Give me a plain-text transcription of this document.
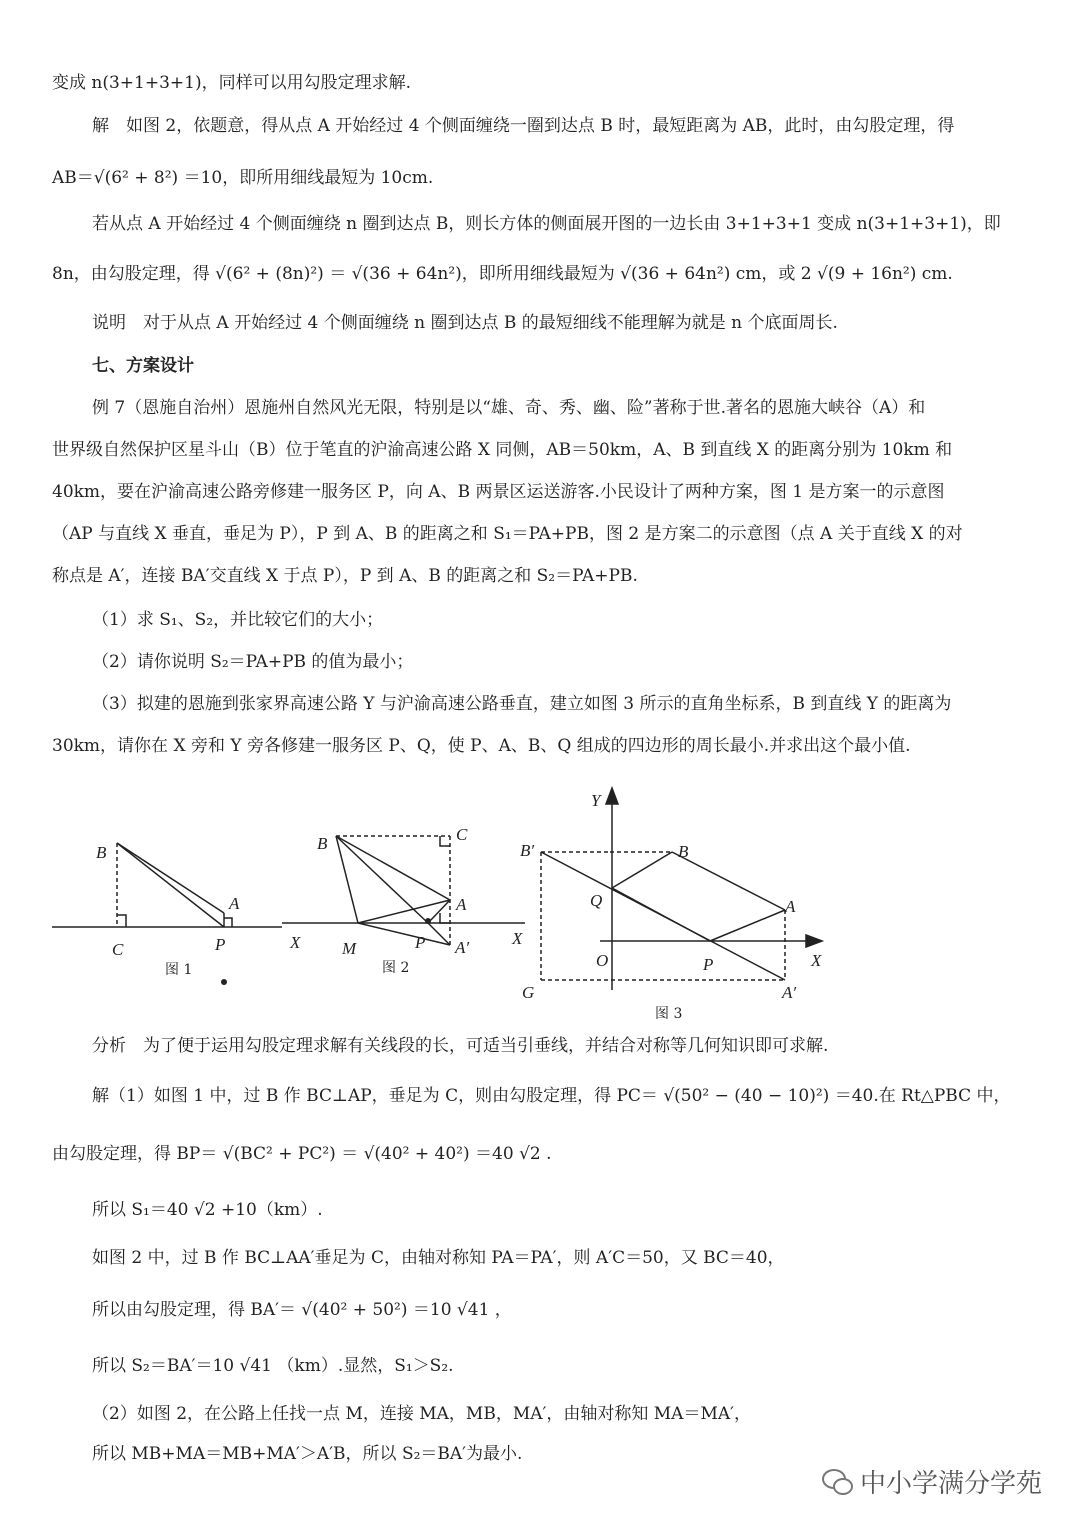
变成 n(3+1+3+1)，同样可以用勾股定理求解.
解　如图 2，依题意，得从点 A 开始经过 4 个侧面缠绕一圈到达点 B 时，最短距离为 AB，此时，由勾股定理，得
AB＝√(6² + 8²) ＝10，即所用细线最短为 10cm.
若从点 A 开始经过 4 个侧面缠绕 n 圈到达点 B，则长方体的侧面展开图的一边长由 3+1+3+1 变成 n(3+1+3+1)，即
8n，由勾股定理，得 √(6² + (8n)²) ＝ √(36 + 64n²)，即所用细线最短为 √(36 + 64n²) cm，或 2 √(9 + 16n²) cm.
说明　对于从点 A 开始经过 4 个侧面缠绕 n 圈到达点 B 的最短细线不能理解为就是 n 个底面周长.
七、方案设计
例 7（恩施自治州）恩施州自然风光无限，特别是以“雄、奇、秀、幽、险”著称于世.著名的恩施大峡谷（A）和
世界级自然保护区星斗山（B）位于笔直的沪渝高速公路 X 同侧，AB＝50km，A、B 到直线 X 的距离分别为 10km 和
40km，要在沪渝高速公路旁修建一服务区 P，向 A、B 两景区运送游客.小民设计了两种方案，图 1 是方案一的示意图
（AP 与直线 X 垂直，垂足为 P），P 到 A、B 的距离之和 S₁＝PA+PB，图 2 是方案二的示意图（点 A 关于直线 X 的对
称点是 A′，连接 BA′交直线 X 于点 P），P 到 A、B 的距离之和 S₂＝PA+PB.
（1）求 S₁、S₂，并比较它们的大小；
（2）请你说明 S₂＝PA+PB 的值为最小；
（3）拟建的恩施到张家界高速公路 Y 与沪渝高速公路垂直，建立如图 3 所示的直角坐标系，B 到直线 Y 的距离为
30km，请你在 X 旁和 Y 旁各修建一服务区 P、Q，使 P、A、B、Q 组成的四边形的周长最小.并求出这个最小值.
B
A
C	P
图 1
B	C
A
X M	P A′	X
图 2
Y
B′	B
Q	A
O	P	X
G	A′
图 3
分析　为了便于运用勾股定理求解有关线段的长，可适当引垂线，并结合对称等几何知识即可求解.
解（1）如图 1 中，过 B 作 BC⊥AP，垂足为 C，则由勾股定理，得 PC＝ √(50² − (40 − 10)²) ＝40.在 Rt△PBC 中，
由勾股定理，得 BP＝ √(BC² + PC²) ＝ √(40² + 40²) ＝40 √2 .
所以 S₁＝40 √2 +10（km）.
如图 2 中，过 B 作 BC⊥AA′垂足为 C，由轴对称知 PA＝PA′，则 A′C＝50，又 BC＝40，
所以由勾股定理，得 BA′＝ √(40² + 50²) ＝10 √41 ，
所以 S₂＝BA′＝10 √41 （km）.显然，S₁＞S₂.
（2）如图 2，在公路上任找一点 M，连接 MA，MB，MA′，由轴对称知 MA＝MA′，
所以 MB+MA＝MB+MA′＞A′B，所以 S₂＝BA′为最小.
中小学满分学苑
